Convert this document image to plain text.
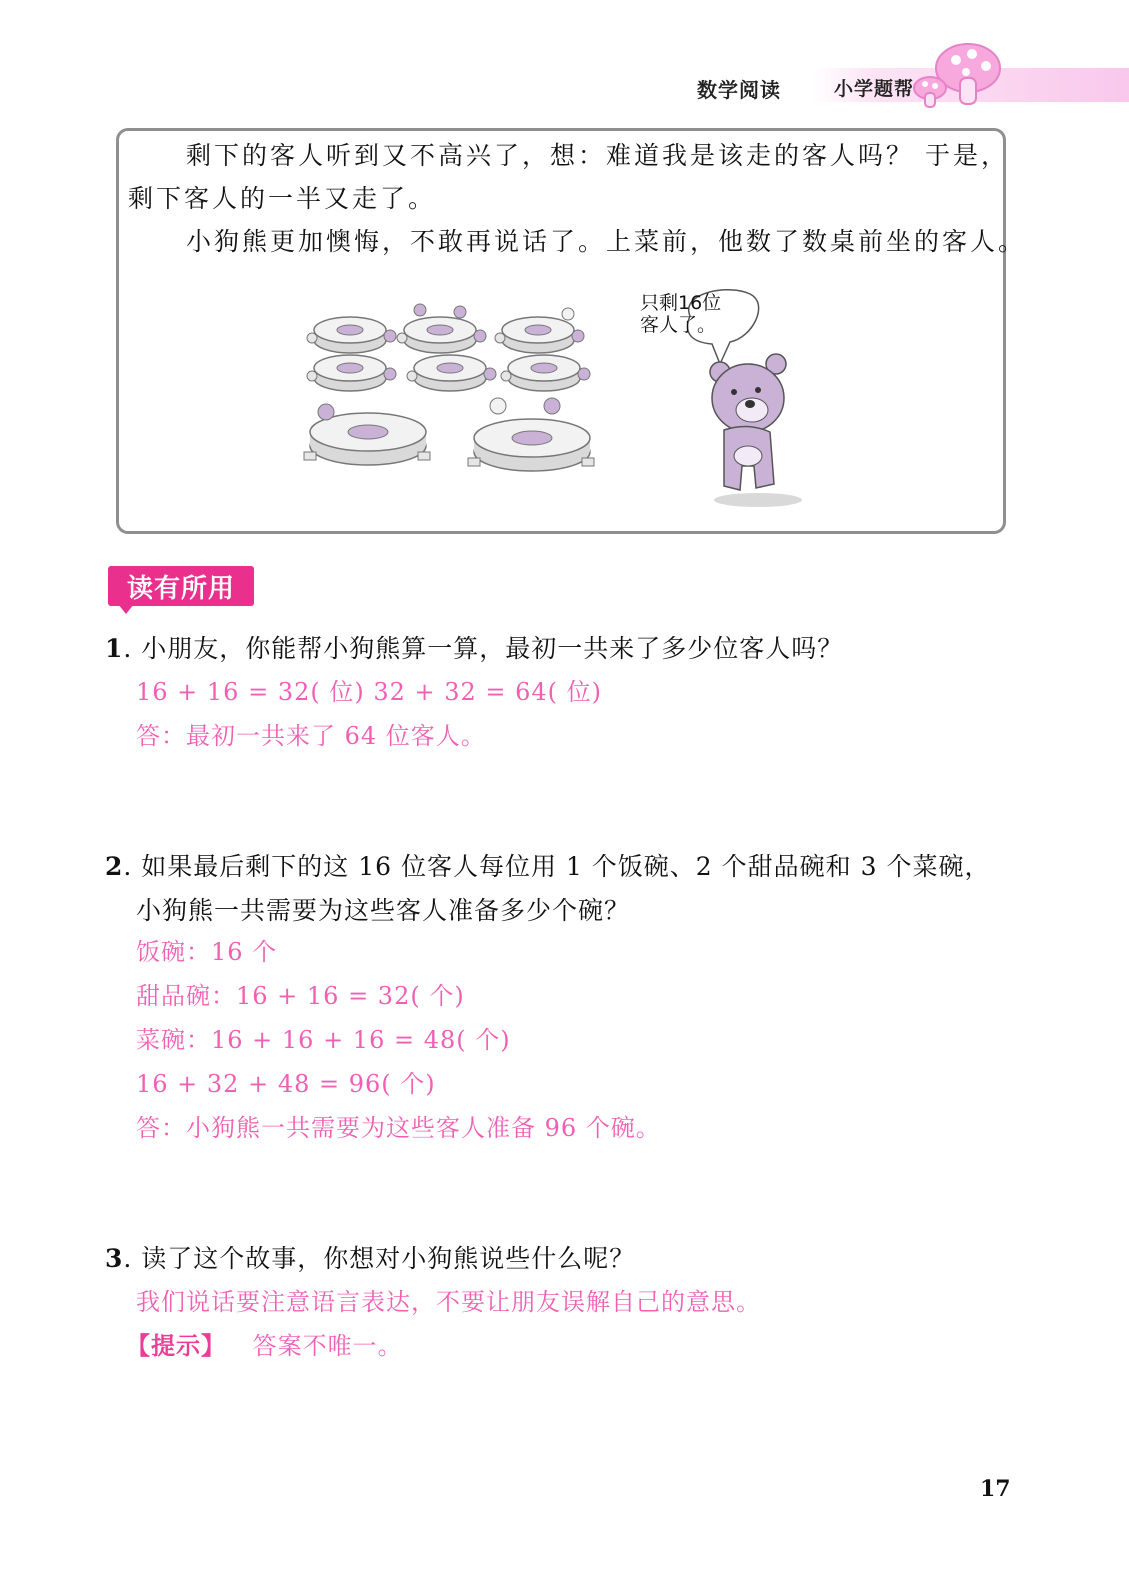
数学阅读	小学题帮
剩下的客人听到又不高兴了，想：难道我是该走的客人吗？ 于是，
剩下客人的一半又走了。
小狗熊更加懊悔，不敢再说话了。上菜前，他数了数桌前坐的客人。
只剩16位
客人了。
读有所用
1. 小朋友，你能帮小狗熊算一算，最初一共来了多少位客人吗？
16 + 16 = 32( 位) 32 + 32 = 64( 位)
答：最初一共来了 64 位客人。
2. 如果最后剩下的这 16 位客人每位用 1 个饭碗、2 个甜品碗和 3 个菜碗，
小狗熊一共需要为这些客人准备多少个碗？
饭碗：16 个
甜品碗：16 + 16 = 32( 个)
菜碗：16 + 16 + 16 = 48( 个)
16 + 32 + 48 = 96( 个)
答：小狗熊一共需要为这些客人准备 96 个碗。
3. 读了这个故事，你想对小狗熊说些什么呢？
我们说话要注意语言表达，不要让朋友误解自己的意思。
【提示】 答案不唯一。
17
